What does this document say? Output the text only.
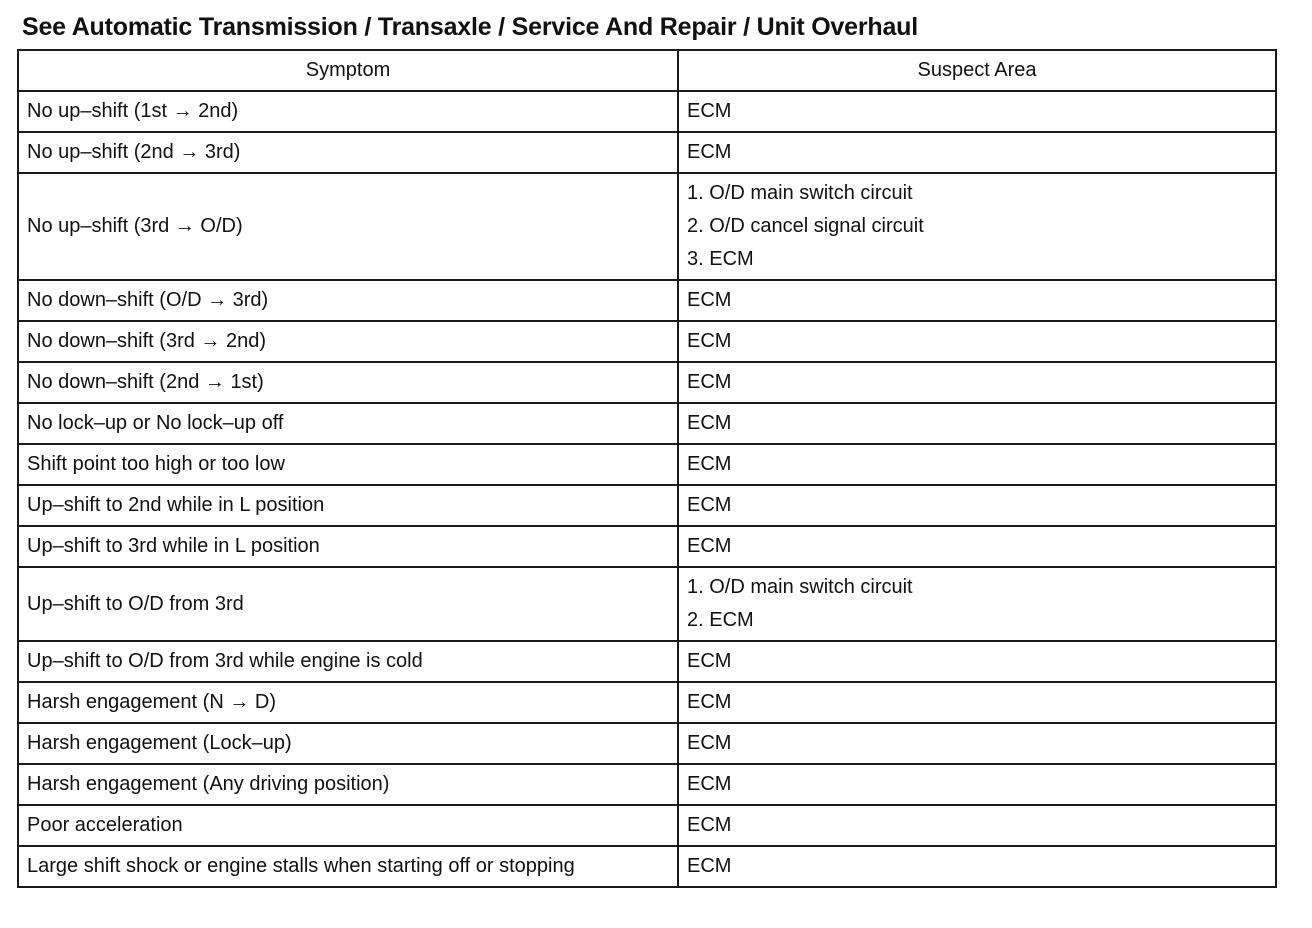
See Automatic Transmission / Transaxle / Service And Repair / Unit Overhaul
Symptom	Suspect Area
No up–shift (1st → 2nd)	ECM
No up–shift (2nd → 3rd)	ECM
No up–shift (3rd → O/D)	1. O/D main switch circuit
2. O/D cancel signal circuit
3. ECM

No down–shift (O/D → 3rd)	ECM
No down–shift (3rd → 2nd)	ECM
No down–shift (2nd → 1st)	ECM
No lock–up or No lock–up off	ECM
Shift point too high or too low	ECM
Up–shift to 2nd while in L position	ECM
Up–shift to 3rd while in L position	ECM
Up–shift to O/D from 3rd	1. O/D main switch circuit
2. ECM

Up–shift to O/D from 3rd while engine is cold	ECM
Harsh engagement (N → D)	ECM
Harsh engagement (Lock–up)	ECM
Harsh engagement (Any driving position)	ECM
Poor acceleration	ECM
Large shift shock or engine stalls when starting off or stopping	ECM
